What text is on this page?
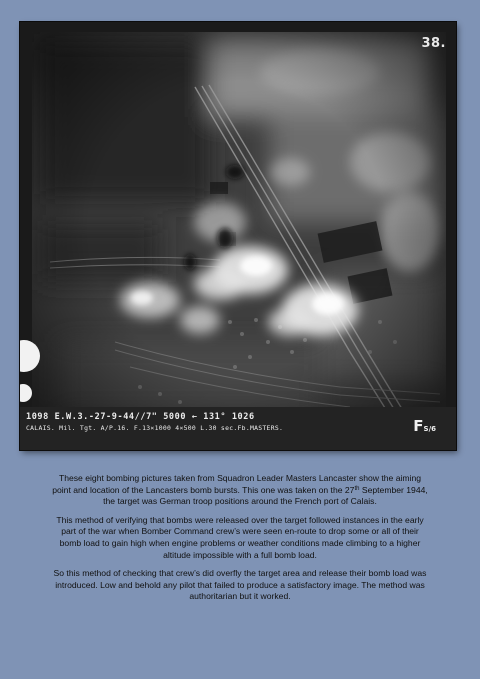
38.
1098 E.W.3.-27-9-44//7" 5000 ← 131° 1026
CALAIS. Mil. Tgt. A/P.16. F.13×1000 4×500 L.30 sec.Fb.MASTERS.	FS/6

These eight bombing pictures taken from Squadron Leader Masters Lancaster show the aiming point and location of the Lancasters bomb bursts. This one was taken on the 27th September 1944, the target was German troop positions around the French port of Calais.

This method of verifying that bombs were released over the target followed instances in the early part of the war when Bomber Command crew’s were seen en-route to drop some or all of their bomb load to gain high when engine problems or weather conditions made climbing to a higher altitude impossible with a full bomb load.

So this method of checking that crew’s did overfly the target area and release their bomb load was introduced. Low and behold any pilot that failed to produce a satisfactory image. The method was authoritarian but it worked.
